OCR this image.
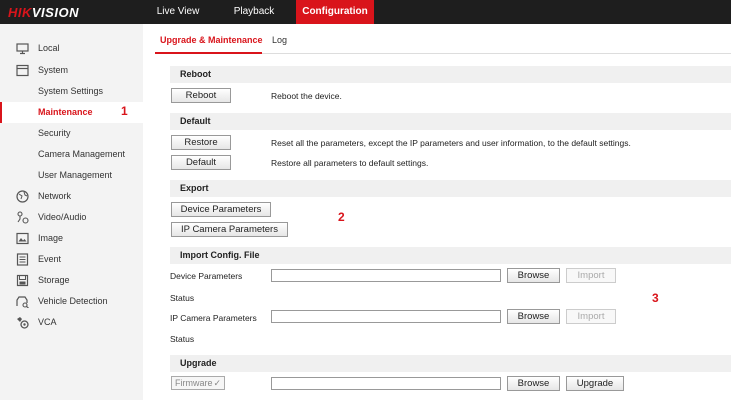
HIKVISION	Live View	Playback	Configuration
Local
System
System Settings
Maintenance
Security
Camera Management
User Management
Network
Video/Audio
Image
Event
Storage
Vehicle Detection
VCA
1
2
3
Upgrade & Maintenance Log
Reboot
Reboot	Reboot the device.
Default
Restore	Reset all the parameters, except the IP parameters and user information, to the default settings.
Default	Restore all parameters to default settings.
Export
Device Parameters
IP Camera Parameters
Import Config. File
Device Parameters	Browse	Import
Status
IP Camera Parameters	Browse	Import
Status
Upgrade
Firmware ✓	Browse	Upgrade
